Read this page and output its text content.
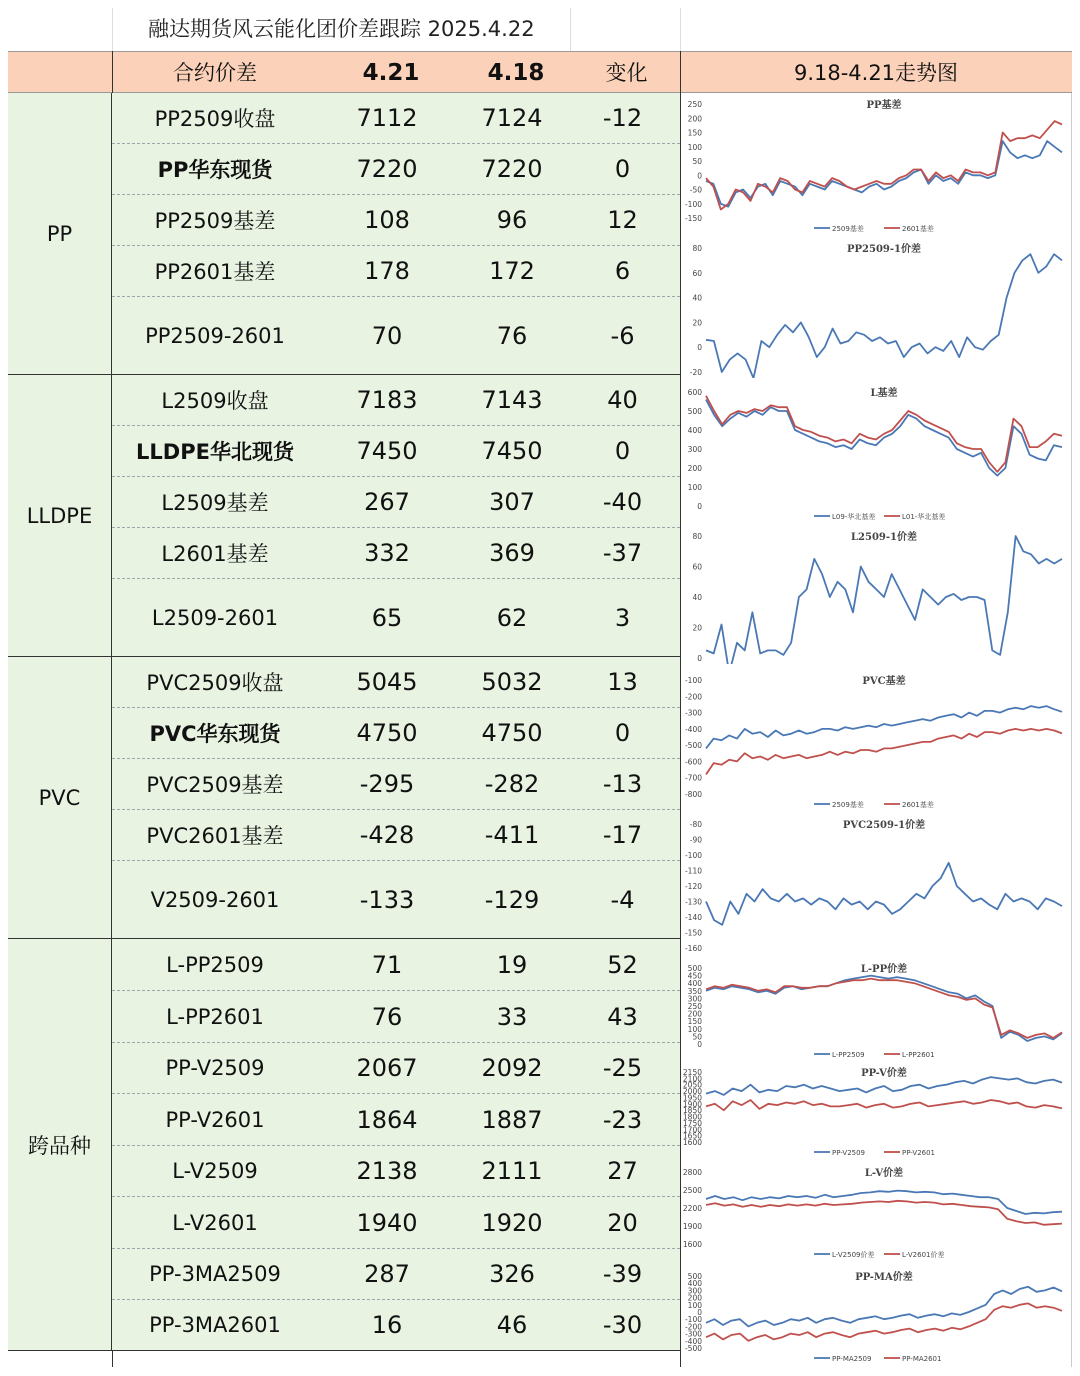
融达期货风云能化团价差跟踪 2025.4.22
合约价差	4.21	4.18	变化	9.18-4.21走势图
PP
PP2509收盘	7112	7124	-12
PP华东现货	7220	7220	0
PP2509基差	108	96	12
PP2601基差	178	172	6
PP2509-2601	70	76	-6
LLDPE
L2509收盘	7183	7143	40
LLDPE华北现货	7450	7450	0
L2509基差	267	307	-40
L2601基差	332	369	-37
L2509-2601	65	62	3
PVC
PVC2509收盘	5045	5032	13
PVC华东现货	4750	4750	0
PVC2509基差	-295	-282	-13
PVC2601基差	-428	-411	-17
V2509-2601	-133	-129	-4
跨品种
L-PP2509	71	19	52
L-PP2601	76	33	43
PP-V2509	2067	2092	-25
PP-V2601	1864	1887	-23
L-V2509	2138	2111	27
L-V2601	1940	1920	20
PP-3MA2509	287	326	-39
PP-3MA2601	16	46	-30
250
200
150
100
50
0
-50
-100
-150
PP基差
2509基差	2601基差
80
60
40
20
0
-20
PP2509-1价差
600
500
400
300
200
100
0
L基差
L09-华北基差	L01-华北基差
80
60
40
20
0
L2509-1价差
-100
-200
-300
-400
-500
-600
-700
-800
PVC基差
2509基差	2601基差
-80
-90
-100
-110
-120
-130
-140
-150
-160
PVC2509-1价差
500
450
400
350
300
250
200
150
100
50
0
L-PP价差
L-PP2509	L-PP2601
2150
2100
2050
2000
1950
1900
1850
1800
1750
1700
1650
1600
PP-V价差
PP-V2509	PP-V2601
2800
2500
2200
1900
1600
L-V价差
L-V2509价差	L-V2601价差
500
400
300
200
100
0
-100
-200
-300
-400
-500
PP-MA价差
PP-MA2509	PP-MA2601
